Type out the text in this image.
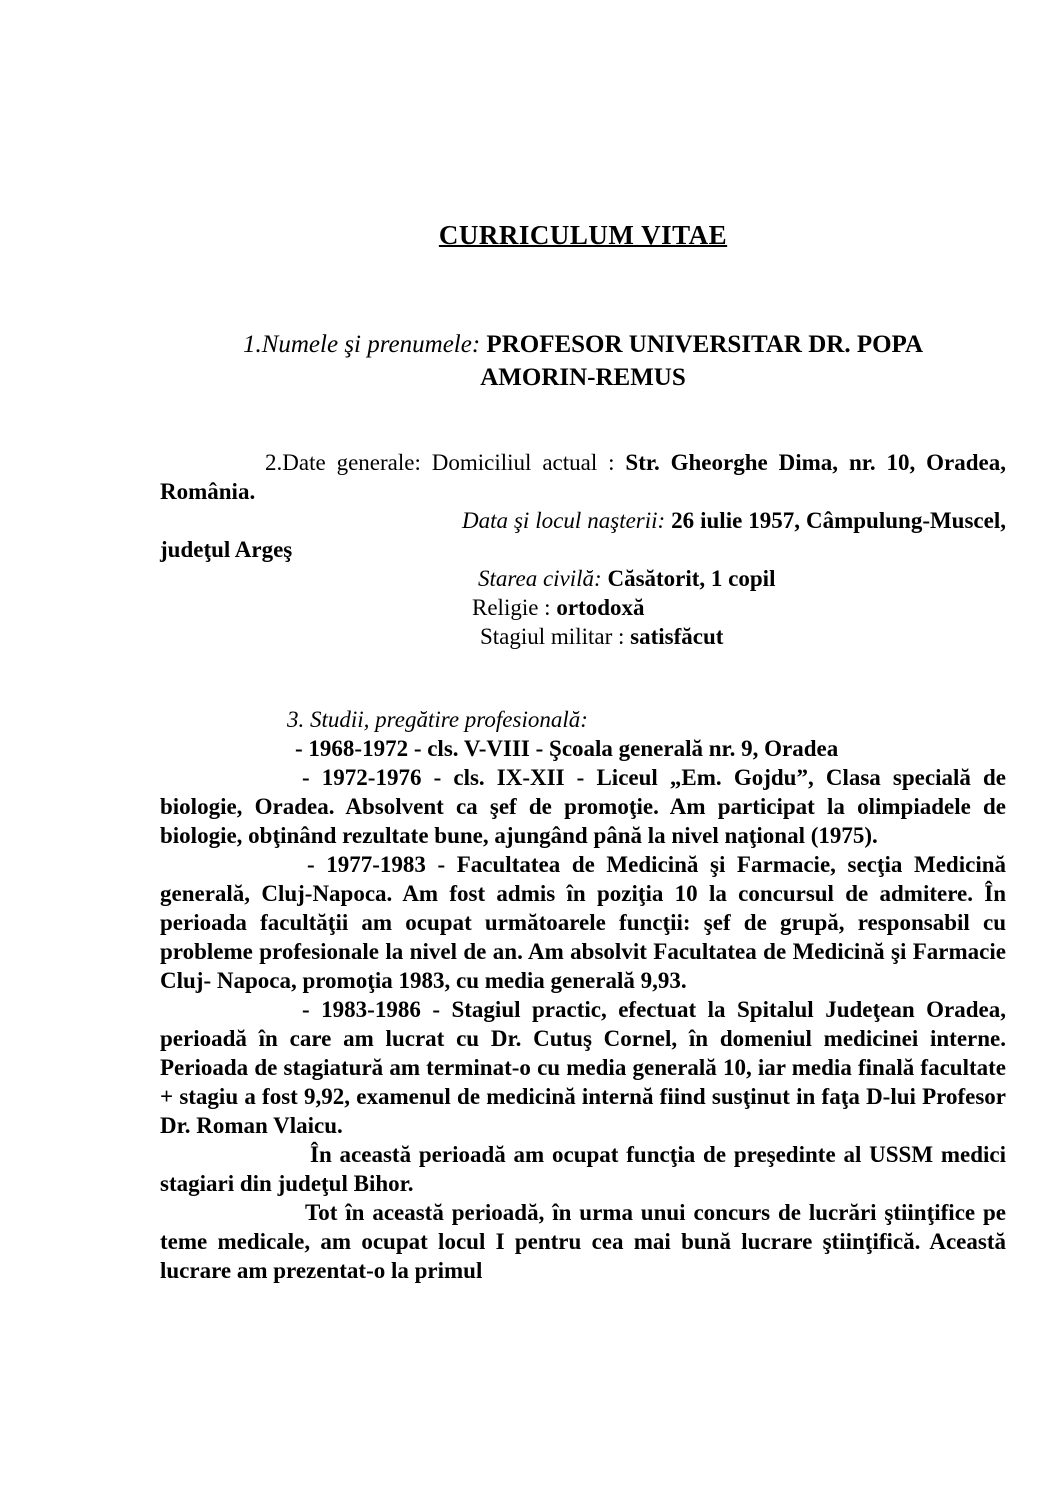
CURRICULUM VITAE

1.Numele şi prenumele: PROFESOR UNIVERSITAR DR. POPA AMORIN-REMUS

2.Date generale: Domiciliul actual : Str. Gheorghe Dima, nr. 10, Oradea, România.

Data şi locul naşterii: 26 iulie 1957, Câmpulung-Muscel, judeţul Argeş

Starea civilă: Căsătorit, 1 copil

Religie : ortodoxă

Stagiul militar : satisfăcut

3. Studii, pregătire profesională:

- 1968-1972 - cls. V-VIII - Şcoala generală nr. 9, Oradea

- 1972-1976 - cls. IX-XII - Liceul „Em. Gojdu”, Clasa specială de biologie, Oradea. Absolvent ca şef de promoţie. Am participat la olimpiadele de biologie, obţinând rezultate bune, ajungând până la nivel naţional (1975).

- 1977-1983 - Facultatea de Medicină şi Farmacie, secţia Medicină generală, Cluj-Napoca. Am fost admis în poziţia 10 la concursul de admitere. În perioada facultăţii am ocupat următoarele funcţii: şef de grupă, responsabil cu probleme profesionale la nivel de an. Am absolvit Facultatea de Medicină şi Farmacie Cluj- Napoca, promoţia 1983, cu media generală 9,93.

- 1983-1986 - Stagiul practic, efectuat la Spitalul Judeţean Oradea, perioadă în care am lucrat cu Dr. Cutuş Cornel, în domeniul medicinei interne. Perioada de stagiatură am terminat-o cu media generală 10, iar media finală facultate + stagiu a fost 9,92, examenul de medicină internă fiind susţinut in faţa D-lui Profesor Dr. Roman Vlaicu.

În această perioadă am ocupat funcţia de preşedinte al USSM medici stagiari din judeţul Bihor.

Tot în această perioadă, în urma unui concurs de lucrări ştiinţifice pe teme medicale, am ocupat locul I pentru cea mai bună lucrare ştiinţifică. Această lucrare am prezentat-o la primul
